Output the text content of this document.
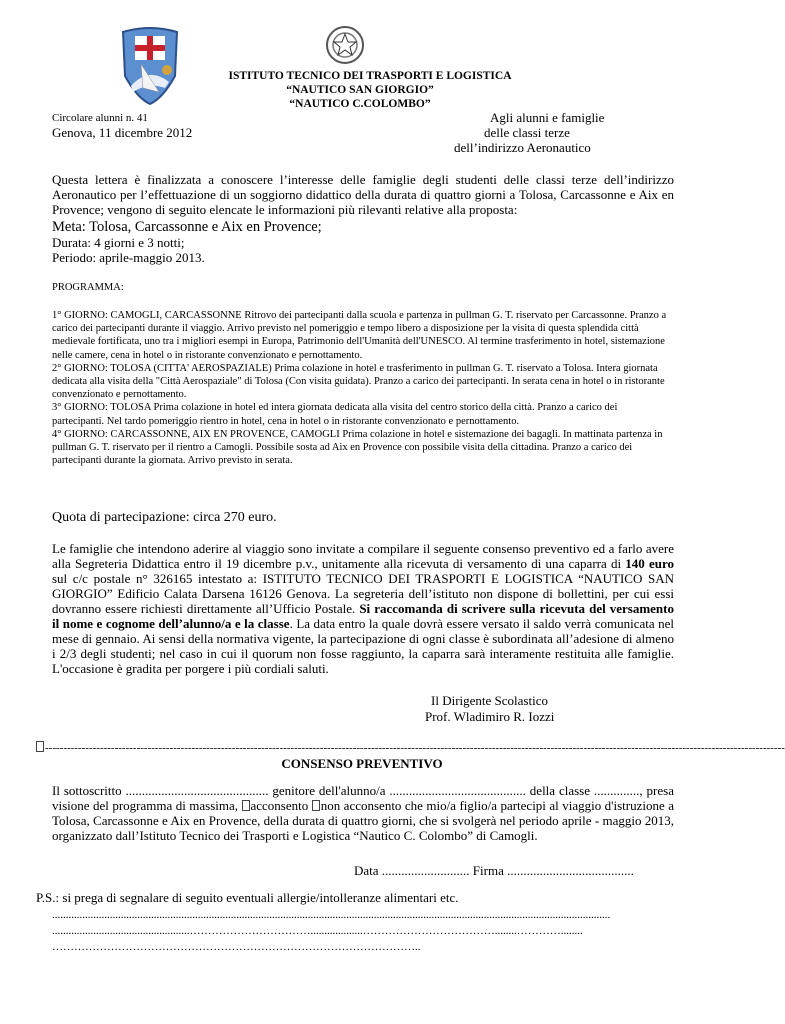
ISTITUTO TECNICO DEI TRASPORTI E LOGISTICA
“NAUTICO SAN GIORGIO”
“NAUTICO C.COLOMBO”
Circolare alunni n. 41
Genova, 11 dicembre 2012
Agli alunni e famiglie
delle classi terze
dell’indirizzo Aeronautico
Questa lettera è finalizzata a conoscere l’interesse delle famiglie degli studenti delle classi terze dell’indirizzo Aeronautico per l’effettuazione di un soggiorno didattico della durata di quattro giorni a Tolosa, Carcassonne e Aix en Provence; vengono di seguito elencate le informazioni più rilevanti relative alla proposta:
Meta: Tolosa, Carcassonne e Aix en Provence;
Durata: 4 giorni e 3 notti;
Periodo: aprile-maggio 2013.
PROGRAMMA:
1° GIORNO: CAMOGLI, CARCASSONNE Ritrovo dei partecipanti dalla scuola e partenza in pullman G. T. riservato per Carcassonne. Pranzo a carico dei partecipanti durante il viaggio. Arrivo previsto nel pomeriggio e tempo libero a disposizione per la visita di questa splendida città medievale fortificata, uno tra i migliori esempi in Europa, Patrimonio dell'Umanità dell'UNESCO. Al termine trasferimento in hotel, sistemazione nelle camere, cena in hotel o in ristorante convenzionato e pernottamento.
2° GIORNO: TOLOSA (CITTA' AEROSPAZIALE) Prima colazione in hotel e trasferimento in pullman G. T. riservato a Tolosa. Intera giornata dedicata alla visita della "Città Aerospaziale" di Tolosa (Con visita guidata). Pranzo a carico dei partecipanti. In serata cena in hotel o in ristorante convenzionato e pernottamento.
3° GIORNO: TOLOSA Prima colazione in hotel ed intera giornata dedicata alla visita del centro storico della città. Pranzo a carico dei partecipanti. Nel tardo pomeriggio rientro in hotel, cena in hotel o in ristorante convenzionato e pernottamento.
4° GIORNO: CARCASSONNE, AIX EN PROVENCE, CAMOGLI Prima colazione in hotel e sistemazione dei bagagli. In mattinata partenza in pullman G. T. riservato per il rientro a Camogli. Possibile sosta ad Aix en Provence con possibile visita della cittadina. Pranzo a carico dei partecipanti durante la giornata. Arrivo previsto in serata.
Quota di partecipazione: circa 270 euro.
Le famiglie che intendono aderire al viaggio sono invitate a compilare il seguente consenso preventivo ed a farlo avere alla Segreteria Didattica entro il 19 dicembre p.v., unitamente alla ricevuta di versamento di una caparra di 140 euro sul c/c postale n° 326165 intestato a: ISTITUTO TECNICO DEI TRASPORTI E LOGISTICA “NAUTICO SAN GIORGIO” Edificio Calata Darsena 16126 Genova. La segreteria dell’istituto non dispone di bollettini, per cui essi dovranno essere richiesti direttamente all’Ufficio Postale. Si raccomanda di scrivere sulla ricevuta del versamento il nome e cognome dell’alunno/a e la classe. La data entro la quale dovrà essere versato il saldo verrà comunicata nel mese di gennaio. Ai sensi della normativa vigente, la partecipazione di ogni classe è subordinata all’adesione di almeno i 2/3 degli studenti; nel caso in cui il quorum non fosse raggiunto, la caparra sarà interamente restituita alle famiglie. L'occasione è gradita per porgere i più cordiali saluti.
Il Dirigente Scolastico
Prof. Wladimiro R. Iozzi
----------------------------------------------------------------------------------------------------------------------------------------------------------------------------------------------------------
CONSENSO PREVENTIVO
Il sottoscritto ............................................ genitore dell'alunno/a .......................................... della classe .............., presa visione del programma di massima, acconsento non acconsento che mio/a figlio/a partecipi al viaggio d'istruzione a Tolosa, Carcassonne e Aix en Provence, della durata di quattro giorni, che si svolgerà nel periodo aprile - maggio 2013, organizzato dall’Istituto Tecnico dei Trasporti e Logistica “Nautico C. Colombo” di Camogli.
Data ........................... Firma .......................................
P.S.: si prega di segnalare di seguito eventuali allergie/intolleranze alimentari etc.
...........................................................................................................................................................................................................
..................................................……………………………...................………………………………........…………........
………………………………………………………………………………………..
